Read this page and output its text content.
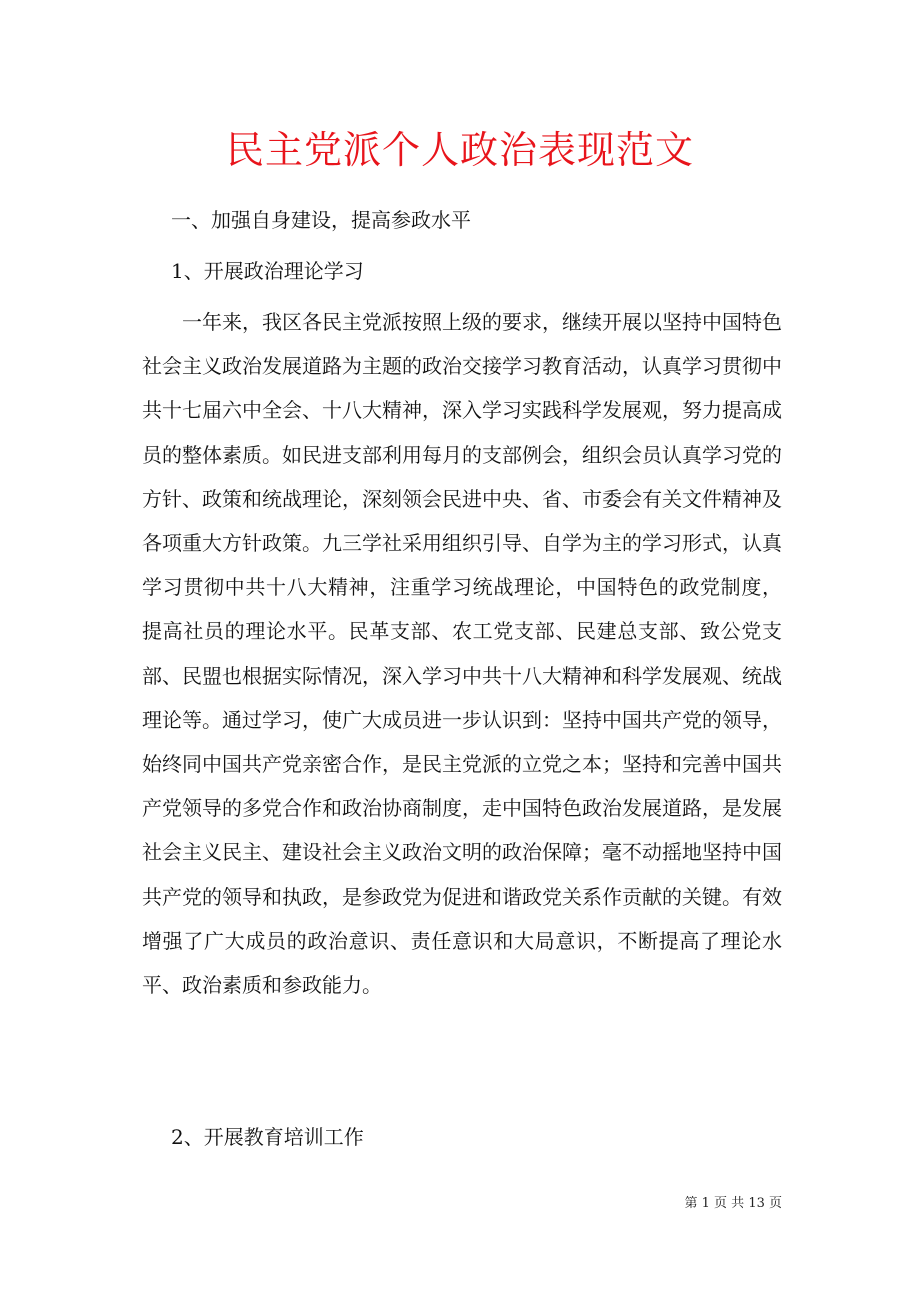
民主党派个人政治表现范文
一、加强自身建设，提高参政水平
1、开展政治理论学习

一年来，我区各民主党派按照上级的要求，继续开展以坚持中国特色社会主义政治发展道路为主题的政治交接学习教育活动，认真学习贯彻中共十七届六中全会、十八大精神，深入学习实践科学发展观，努力提高成员的整体素质。如民进支部利用每月的支部例会，组织会员认真学习党的方针、政策和统战理论，深刻领会民进中央、省、市委会有关文件精神及各项重大方针政策。九三学社采用组织引导、自学为主的学习形式，认真学习贯彻中共十八大精神，注重学习统战理论，中国特色的政党制度， 提高社员的理论水平。民革支部、农工党支部、民建总支部、致公党支部、民盟也根据实际情况，深入学习中共十八大精神和科学发展观、统战理论等。通过学习，使广大成员进一步认识到：坚持中国共产党的领导，始终同中国共产党亲密合作，是民主党派的立党之本；坚持和完善中国共产党领导的多党合作和政治协商制度，走中国特色政治发展道路，是发展社会主义民主、建设社会主义政治文明的政治保障；毫不动摇地坚持中国共产党的领导和执政，是参政党为促进和谐政党关系作贡献的关键。有效增强了广大成员的政治意识、责任意识和大局意识，不断提高了理论水平、政治素质和参政能力。

2、开展教育培训工作
第 1 页 共 13 页
